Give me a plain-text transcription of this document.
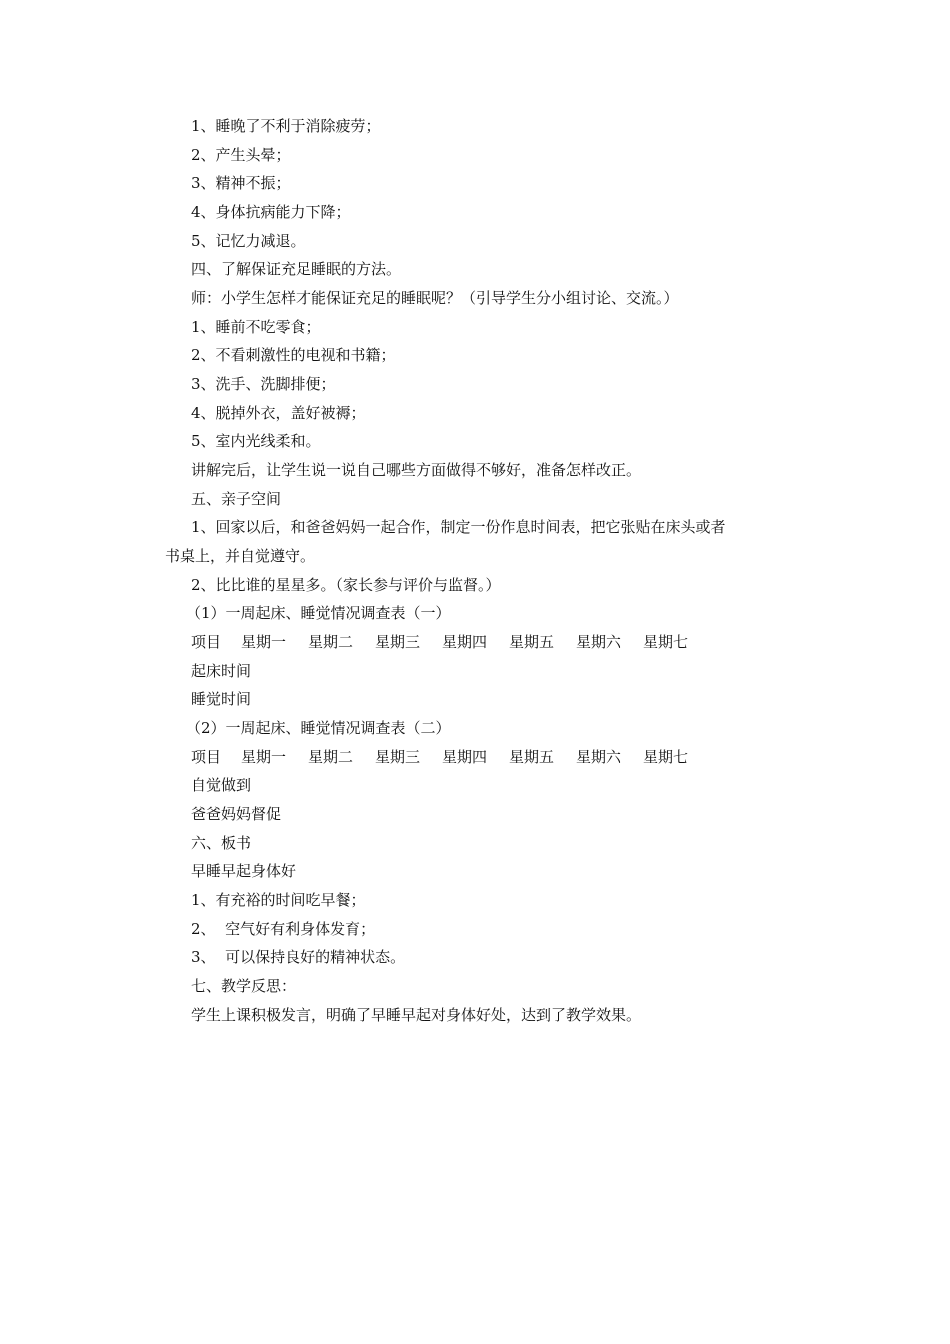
1、睡晚了不利于消除疲劳；
2、产生头晕；
3、精神不振；
4、身体抗病能力下降；
5、记忆力减退。
四、了解保证充足睡眠的方法。
师：小学生怎样才能保证充足的睡眠呢？（引导学生分小组讨论、交流。）
1、睡前不吃零食；
2、不看刺激性的电视和书籍；
3、洗手、洗脚排便；
4、脱掉外衣，盖好被褥；
5、室内光线柔和。
讲解完后，让学生说一说自己哪些方面做得不够好，准备怎样改正。
五、亲子空间
1、回家以后，和爸爸妈妈一起合作，制定一份作息时间表，把它张贴在床头或者
书桌上，并自觉遵守。
2、比比谁的星星多。（家长参与评价与监督。）
（1）一周起床、睡觉情况调查表（一）
项目	星期一	星期二	星期三	星期四	星期五	星期六	星期七
起床时间
睡觉时间
（2）一周起床、睡觉情况调查表（二）
项目	星期一	星期二	星期三	星期四	星期五	星期六	星期七
自觉做到
爸爸妈妈督促
六、板书
早睡早起身体好
1、有充裕的时间吃早餐；
2、  空气好有利身体发育；
3、  可以保持良好的精神状态。
七、教学反思：
学生上课积极发言，明确了早睡早起对身体好处，达到了教学效果。
